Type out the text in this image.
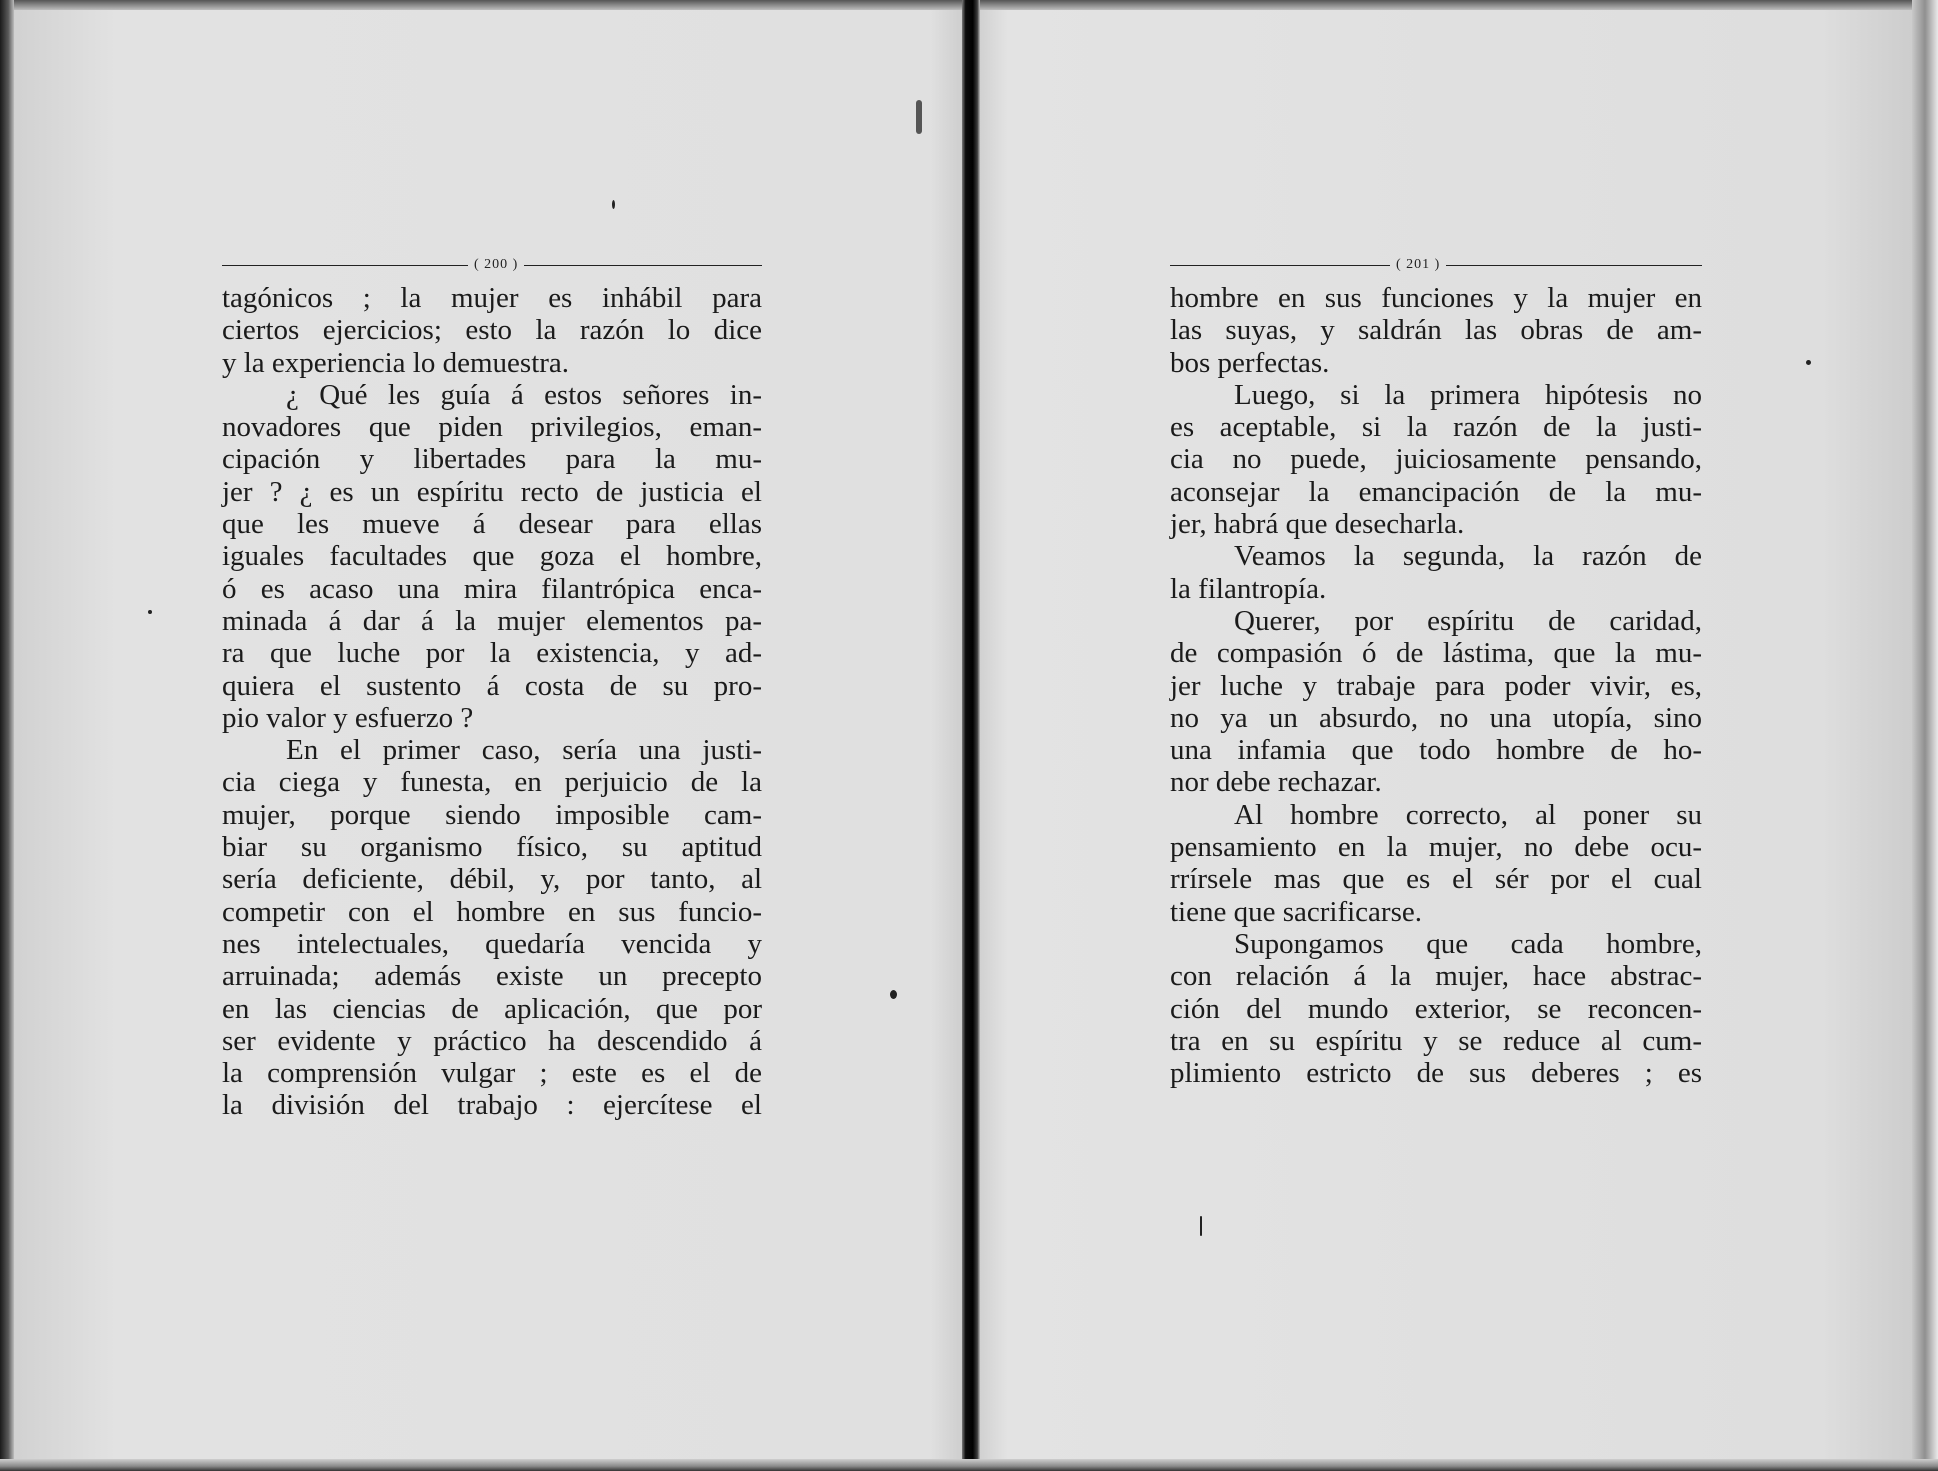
( 200 )
tagónicos ; la mujer es inhábil para
ciertos ejercicios; esto la razón lo dice
y la experiencia lo demuestra.
¿ Qué les guía á estos señores in-
novadores que piden privilegios, eman-
cipación y libertades para la mu-
jer ? ¿ es un espíritu recto de justicia el
que les mueve á desear para ellas
iguales facultades que goza el hombre,
ó es acaso una mira filantrópica enca-
minada á dar á la mujer elementos pa-
ra que luche por la existencia, y ad-
quiera el sustento á costa de su pro-
pio valor y esfuerzo ?
En el primer caso, sería una justi-
cia ciega y funesta, en perjuicio de la
mujer, porque siendo imposible cam-
biar su organismo físico, su aptitud
sería deficiente, débil, y, por tanto, al
competir con el hombre en sus funcio-
nes intelectuales, quedaría vencida y
arruinada; además existe un precepto
en las ciencias de aplicación, que por
ser evidente y práctico ha descendido á
la comprensión vulgar ; este es el de
la división del trabajo : ejercítese el
( 201 )
hombre en sus funciones y la mujer en
las suyas, y saldrán las obras de am-
bos perfectas.
Luego, si la primera hipótesis no
es aceptable, si la razón de la justi-
cia no puede, juiciosamente pensando,
aconsejar la emancipación de la mu-
jer, habrá que desecharla.
Veamos la segunda, la razón de
la filantropía.
Querer, por espíritu de caridad,
de compasión ó de lástima, que la mu-
jer luche y trabaje para poder vivir, es,
no ya un absurdo, no una utopía, sino
una infamia que todo hombre de ho-
nor debe rechazar.
Al hombre correcto, al poner su
pensamiento en la mujer, no debe ocu-
rrírsele mas que es el sér por el cual
tiene que sacrificarse.
Supongamos que cada hombre,
con relación á la mujer, hace abstrac-
ción del mundo exterior, se reconcen-
tra en su espíritu y se reduce al cum-
plimiento estricto de sus deberes ; es
